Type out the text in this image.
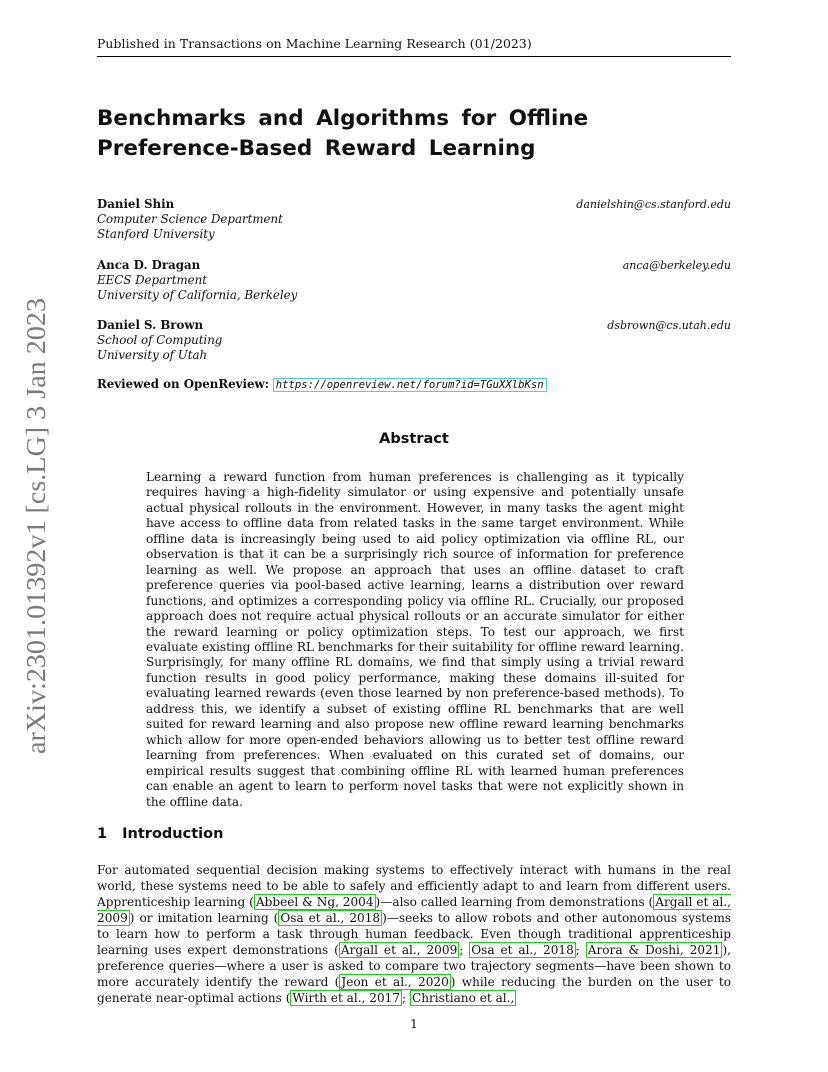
Published in Transactions on Machine Learning Research (01/2023)
Benchmarks and Algorithms for Offline Preference-Based Reward Learning
Daniel Shin
Computer Science Department
Stanford University
danielshin@cs.stanford.edu
Anca D. Dragan
EECS Department
University of California, Berkeley
anca@berkeley.edu
Daniel S. Brown
School of Computing
University of Utah
dsbrown@cs.utah.edu
Reviewed on OpenReview: https://openreview.net/forum?id=TGuXXlbKsn
Abstract

Learning a reward function from human preferences is challenging as it typically requires having a high-fidelity simulator or using expensive and potentially unsafe actual physical rollouts in the environment. However, in many tasks the agent might have access to offline data from related tasks in the same target environment. While offline data is increasingly being used to aid policy optimization via offline RL, our observation is that it can be a surprisingly rich source of information for preference learning as well. We propose an approach that uses an offline dataset to craft preference queries via pool-based active learning, learns a distribution over reward functions, and optimizes a corresponding policy via offline RL. Crucially, our proposed approach does not require actual physical rollouts or an accurate simulator for either the reward learning or policy optimization steps. To test our approach, we first evaluate existing offline RL benchmarks for their suitability for offline reward learning. Surprisingly, for many offline RL domains, we find that simply using a trivial reward function results in good policy performance, making these domains ill-suited for evaluating learned rewards (even those learned by non preference-based methods). To address this, we identify a subset of existing offline RL benchmarks that are well suited for reward learning and also propose new offline reward learning benchmarks which allow for more open-ended behaviors allowing us to better test offline reward learning from preferences. When evaluated on this curated set of domains, our empirical results suggest that combining offline RL with learned human preferences can enable an agent to learn to perform novel tasks that were not explicitly shown in the offline data.

1 Introduction

For automated sequential decision making systems to effectively interact with humans in the real world, these systems need to be able to safely and efficiently adapt to and learn from different users. Apprenticeship learning ( Abbeel & Ng, 2004 )—also called learning from demonstrations ( Argall et al., 2009 ) or imitation learning ( Osa et al., 2018 )—seeks to allow robots and other autonomous systems to learn how to perform a task through human feedback. Even though traditional apprenticeship learning uses expert demonstrations ( Argall et al., 2009 ; Osa et al., 2018 ; Arora & Doshi, 2021 ), preference queries—where a user is asked to compare two trajectory segments—have been shown to more accurately identify the reward ( Jeon et al., 2020 ) while reducing the burden on the user to generate near-optimal actions ( Wirth et al., 2017 ; Christiano et al.,

1
arXiv:2301.01392v1 [cs.LG] 3 Jan 2023
